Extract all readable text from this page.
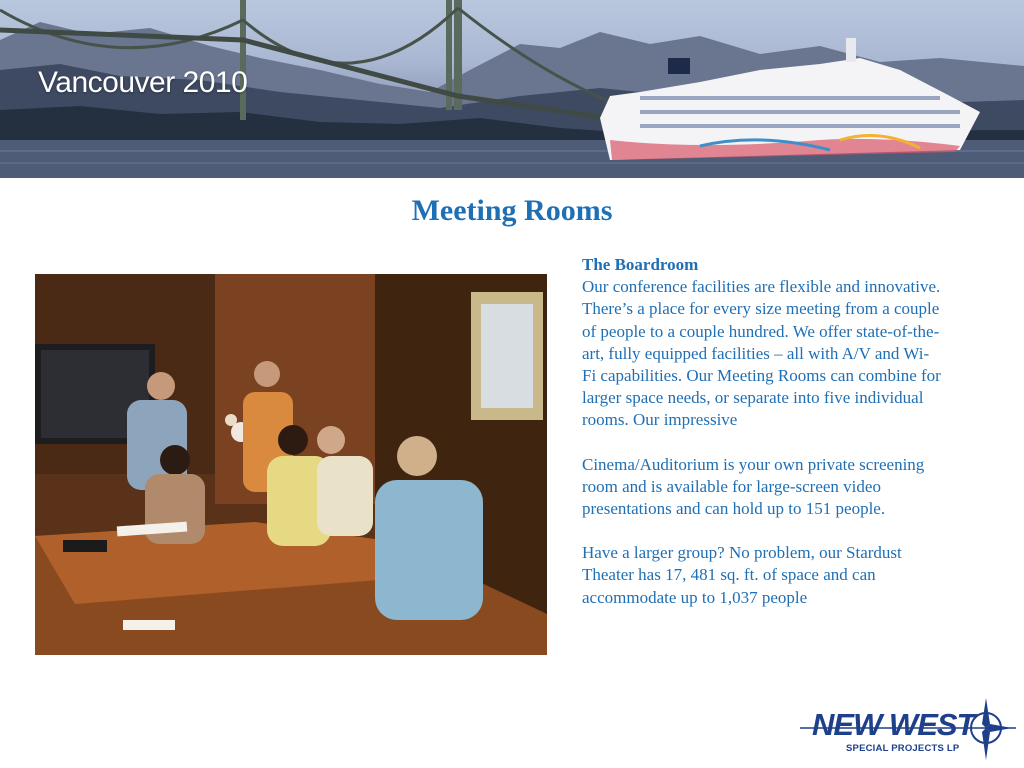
Vancouver 2010
Meeting Rooms

The Boardroom
Our conference facilities are flexible and innovative. There’s a place for every size meeting from a couple of people to a couple hundred. We offer state-of-the-art, fully equipped facilities – all with A/V and Wi-Fi capabilities. Our Meeting Rooms can combine for larger space needs, or separate into five individual rooms. Our impressive

Cinema/Auditorium is your own private screening room and is available for large-screen video presentations and can hold up to 151 people.

Have a larger group? No problem, our Stardust Theater has 17, 481 sq. ft. of space and can accommodate up to 1,037 people

NEW WEST
SPECIAL PROJECTS LP
